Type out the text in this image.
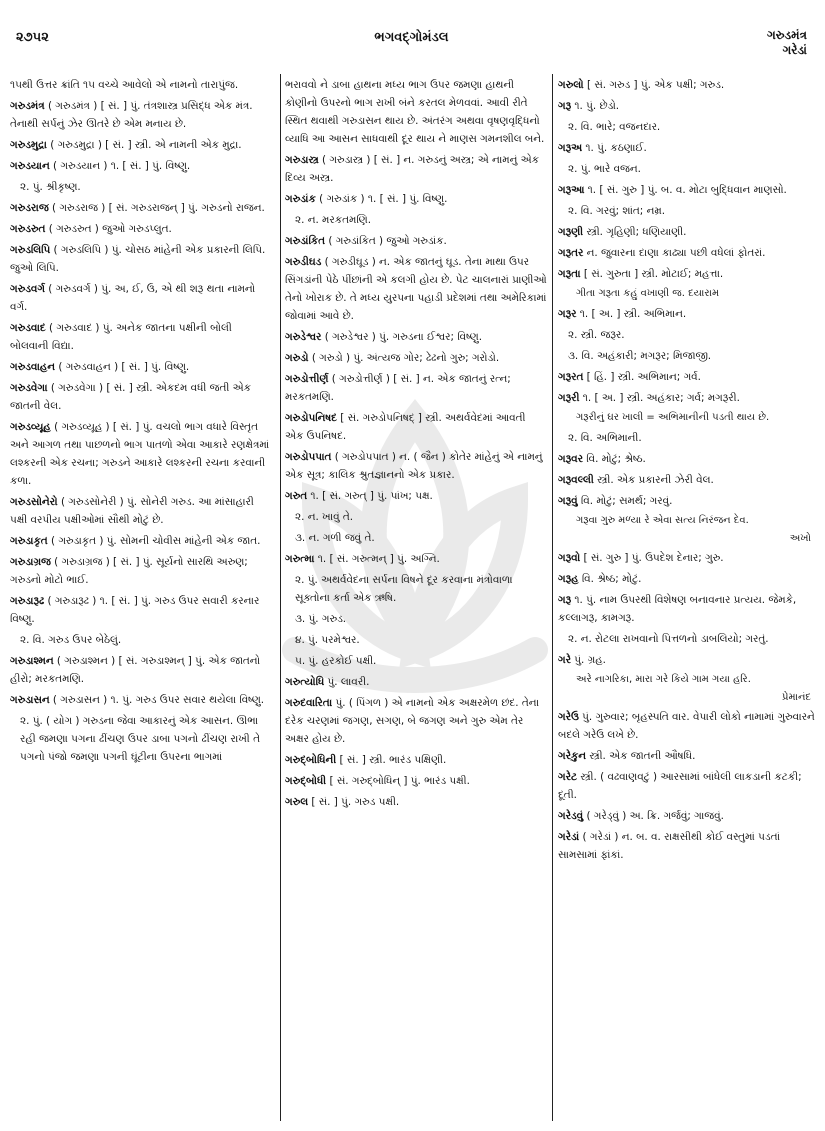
૨૭૫૨	ભગવદ્ગોમંડલ	ગરુડમંત્ર
ગરેડાં
૧૫થી ઉત્તર ક્રાંતિ ૧૫ વચ્ચે આવેલો એ નામનો તારાપુંજ.
ગરુડમંત્ર ( ગરુડમંત્ર ) [ સં. ] પું. તંત્રશાસ્ત્ર પ્રસિદ્ધ એક મંત્ર. તેનાથી સર્પનું ઝેર ઊતરે છે એમ મનાય છે.
ગરુડમુદ્રા ( ગરુડમુદ્રા ) [ સં. ] સ્ત્રી. એ નામની એક મુદ્રા.
ગરુડયાન ( ગરુડયાન ) ૧. [ સં. ] પું. વિષ્ણુ.
૨. પું. શ્રીકૃષ્ણ.
ગરુડરાજ ( ગરુડરાજ ) [ સં. ગરુડરાજન્ ] પું. ગરુડનો રાજન.
ગરુડરુત ( ગરુડરુત ) જુઓ ગરુડપ્લુત.
ગરુડલિપિ ( ગરુડલિપિ ) પું. ચોસઠ માંહેની એક પ્રકારની લિપિ. જુઓ લિપિ.
ગરુડવર્ગ ( ગરુડવર્ગ ) પું. અ, ઈ, ઉ, એ થી શરૂ થતા નામનો વર્ગ.
ગરુડવાદ ( ગરુડવાદ ) પું. અનેક જાતના પક્ષીની બોલી બોલવાની વિદ્યા.
ગરુડવાહન ( ગરુડવાહન ) [ સં. ] પું. વિષ્ણુ.
ગરુડવેગા ( ગરુડવેગા ) [ સં. ] સ્ત્રી. એકદમ વધી જતી એક જાતની વેલ.
ગરુડવ્યૂહ ( ગરુડવ્યૂહ ) [ સં. ] પું. વચલો ભાગ વધારે વિસ્તૃત અને આગળ તથા પાછળનો ભાગ પાતળો એવા આકારે રણક્ષેત્રમાં લશ્કરની એક રચના; ગરુડને આકારે લશ્કરની રચના કરવાની કળા.
ગરુડસોનેરો ( ગરુડસોનેરી ) પું. સોનેરી ગરુડ. આ માંસાહારી પક્ષી વરપીય પક્ષીઓમાં સૌથી મોટું છે.
ગરુડાકૃત ( ગરુડાકૃત ) પું. સોમની ચોવીસ માંહેની એક જાત.
ગરુડાગ્રજ ( ગરુડાગ્રજ ) [ સં. ] પું. સૂર્યનો સારથિ અરુણ; ગરુડનો મોટો ભાઈ.
ગરુડારૂઢ ( ગરુડારૂઢ ) ૧. [ સં. ] પું. ગરુડ ઉપર સવારી કરનાર વિષ્ણુ.
૨. વિ. ગરુડ ઉપર બેઠેલું.
ગરુડાશ્મન ( ગરુડાશ્મન ) [ સં. ગરુડાશ્મન્ ] પું. એક જાતનો હીરો; મરકતમણિ.
ગરુડાસન ( ગરુડાસન ) ૧. પું. ગરુડ ઉપર સવાર થયેલા વિષ્ણુ.
૨. પું. ( યોગ ) ગરુડના જેવા આકારનું એક આસન. ઊભા રહી જમણા પગના ઢીંચણ ઉપર ડાબા પગનો ઢીંચણ રાખી તે પગનો પંજો જમણા પગની ઘૂંટીના ઉપરના ભાગમાં
ભરાવવો ને ડાબા હાથના મધ્ય ભાગ ઉપર જમણા હાથની કોણીનો ઉપરનો ભાગ રાખી બંને કરતલ મેળવવાં. આવી રીતે સ્થિત થવાથી ગરુડાસન થાય છે. અંતરંગ અથવા વૃષણવૃદ્ધિનો વ્યાધિ આ આસન સાધવાથી દૂર થાય ને માણસ ગમનશીલ બને.
ગરુડાસ્ત્ર ( ગરુડાસ્ત્ર ) [ સં. ] ન. ગરુડનું અસ્ત્ર; એ નામનું એક દિવ્ય અસ્ત્ર.
ગરુડાંક ( ગરુડાંક ) ૧. [ સં. ] પું. વિષ્ણુ.
૨. ન. મરકતમણિ.
ગરુડાંકિત ( ગરુડાંકિત ) જુઓ ગરુડાંક.
ગરુડીઘડ ( ગરુડીઘૂડ ) ન. એક જાતનું ઘૂડ. તેના માથા ઉપર સિંગડાંની પેઠે પીંછાંની એ કલગી હોય છે. પેટ ચાલનારાં પ્રાણીઓ તેનો ખોરાક છે. તે મધ્ય યુરપના પહાડી પ્રદેશમાં તથા અમેરિકામાં જોવામાં આવે છે.
ગરુડેશ્વર ( ગરુડેશ્વર ) પું. ગરુડના ઈશ્વર; વિષ્ણુ.
ગરુડો ( ગરુડો ) પું. અંત્યજ ગોર; ઢેઢનો ગુરુ; ગરોડો.
ગરુડોત્તીર્ણ ( ગરુડોત્તીર્ણ ) [ સં. ] ન. એક જાતનું રત્ન; મરકતમણિ.
ગરુડોપનિષદ [ સં. ગરુડોપનિષદ્ ] સ્ત્રી. અથર્વવેદમાં આવતી એક ઉપનિષદ.
ગરુડોપપાત ( ગરુડોપપાત ) ન. ( જૈન ) કોતેર માંહેનું એ નામનું એક સૂત્ર; કાલિક શ્રુતજ્ઞાનનો એક પ્રકાર.
ગરુત ૧. [ સં. ગરુત્ ] પું. પાંખ; પક્ષ.
૨. ન. ખાવું તે.
૩. ન. ગળી જવું તે.
ગરુત્મા ૧. [ સં. ગરુત્મન્ ] પું. અગ્નિ.
૨. પું. અથર્વવેદના સર્પના વિષને દૂર કરવાના મંત્રોવાળા સૂક્તોના કર્તા એક ઋષિ.
૩. પું. ગરુડ.
૪. પું. પરમેશ્વર.
૫. પું. હરકોઈ પક્ષી.
ગરુત્યોધિ પું. લાવરી.
ગરુદવારિતા પું. ( પિંગળ ) એ નામનો એક અક્ષરમેળ છંદ. તેના દરેક ચરણમાં જગણ, સગણ, બે જગણ અને ગુરુ એમ તેર અક્ષર હોય છે.
ગરુદ્બોધિની [ સં. ] સ્ત્રી. ભારંડ પક્ષિણી.
ગરુદ્બોધી [ સં. ગરુદ્બોધિન્ ] પું. ભારંડ પક્ષી.
ગરુલ [ સં. ] પું. ગરુડ પક્ષી.
ગરુલો [ સં. ગરુડ ] પું. એક પક્ષી; ગરુડ.
ગરૂ ૧. પું. છેડો.
૨. વિ. ભારે; વજનદાર.
ગરૂઅ ૧. પું. કઠણાઈ.
૨. પું. ભારે વજન.
ગરૂઆ ૧. [ સં. ગુરુ ] પું. બ. વ. મોટા બુદ્ધિવાન માણસો.
૨. વિ. ગરવું; શાંત; નમ્ર.
ગરૂણી સ્ત્રી. ગૃહિણી; ધણિયાણી.
ગરૂતર ન. જુવારના દાણા કાઢ્યા પછી વધેલાં ફોતરાં.
ગરૂતા [ સં. ગુરુતા ] સ્ત્રી. મોટાઈ; મહત્તા.
ગીતા ગરૂતા કહું વખાણી જ. દયારામ
ગરૂર ૧. [ અ. ] સ્ત્રી. અભિમાન.
૨. સ્ત્રી. જરૂર.
૩. વિ. અહંકારી; મગરૂર; મિજાજી.
ગરૂરત [ હિં. ] સ્ત્રી. અભિમાન; ગર્વ.
ગરૂરી ૧. [ અ. ] સ્ત્રી. અહંકાર; ગર્વ; મગરૂરી.
ગરૂરીનું ઘર ખાલી = અભિમાનીની પડતી થાય છે.
૨. વિ. અભિમાની.
ગરૂવર વિ. મોટું; શ્રેષ્ઠ.
ગરૂવલ્લી સ્ત્રી. એક પ્રકારની ઝેરી વેલ.
ગરૂવું વિ. મોટું; સમર્થ; ગરવું.
ગરૂવા ગુરુ મળ્યા રે એવા સત્ય નિરંજન દેવ.
અખો
ગરૂવો [ સં. ગુરુ ] પું. ઉપદેશ દેનાર; ગુરુ.
ગરૂહ વિ. શ્રેષ્ઠ; મોટું.
ગરૂ ૧. પું. નામ ઉપરથી વિશેષણ બનાવનાર પ્રત્યય. જેમકે, કલ્લાગરૂ, કામગરૂ.
૨. ન. રોટલા રાખવાનો પિત્તળનો ડાબલિયો; ગરતું.
ગરે પું. ગ્રહ.
અરે નાગરિકા, મારા ગરે કિયે ગામ ગયા હરિ.
પ્રેમાનંદ
ગરેઉ પું. ગુરુવાર; બૃહસ્પતિ વાર. વેપારી લોકો નામામાં ગુરુવારને બદલે ગરેઉ લખે છે.
ગરેકુન સ્ત્રી. એક જાતની ઔષધિ.
ગરેટ સ્ત્રી. ( વઢવાણવટું ) આરસામાં બાંધેલી લાકડાની કટકી; દૂતી.
ગરેડવું ( ગરેડ્વું ) અ. ક્રિ. ગર્જવું; ગાજવું.
ગરેડાં ( ગરેડાં ) ન. બ. વ. રાક્ષસીથી કોઈ વસ્તુમાં પડતાં સામસામાં ફાંકાં.
